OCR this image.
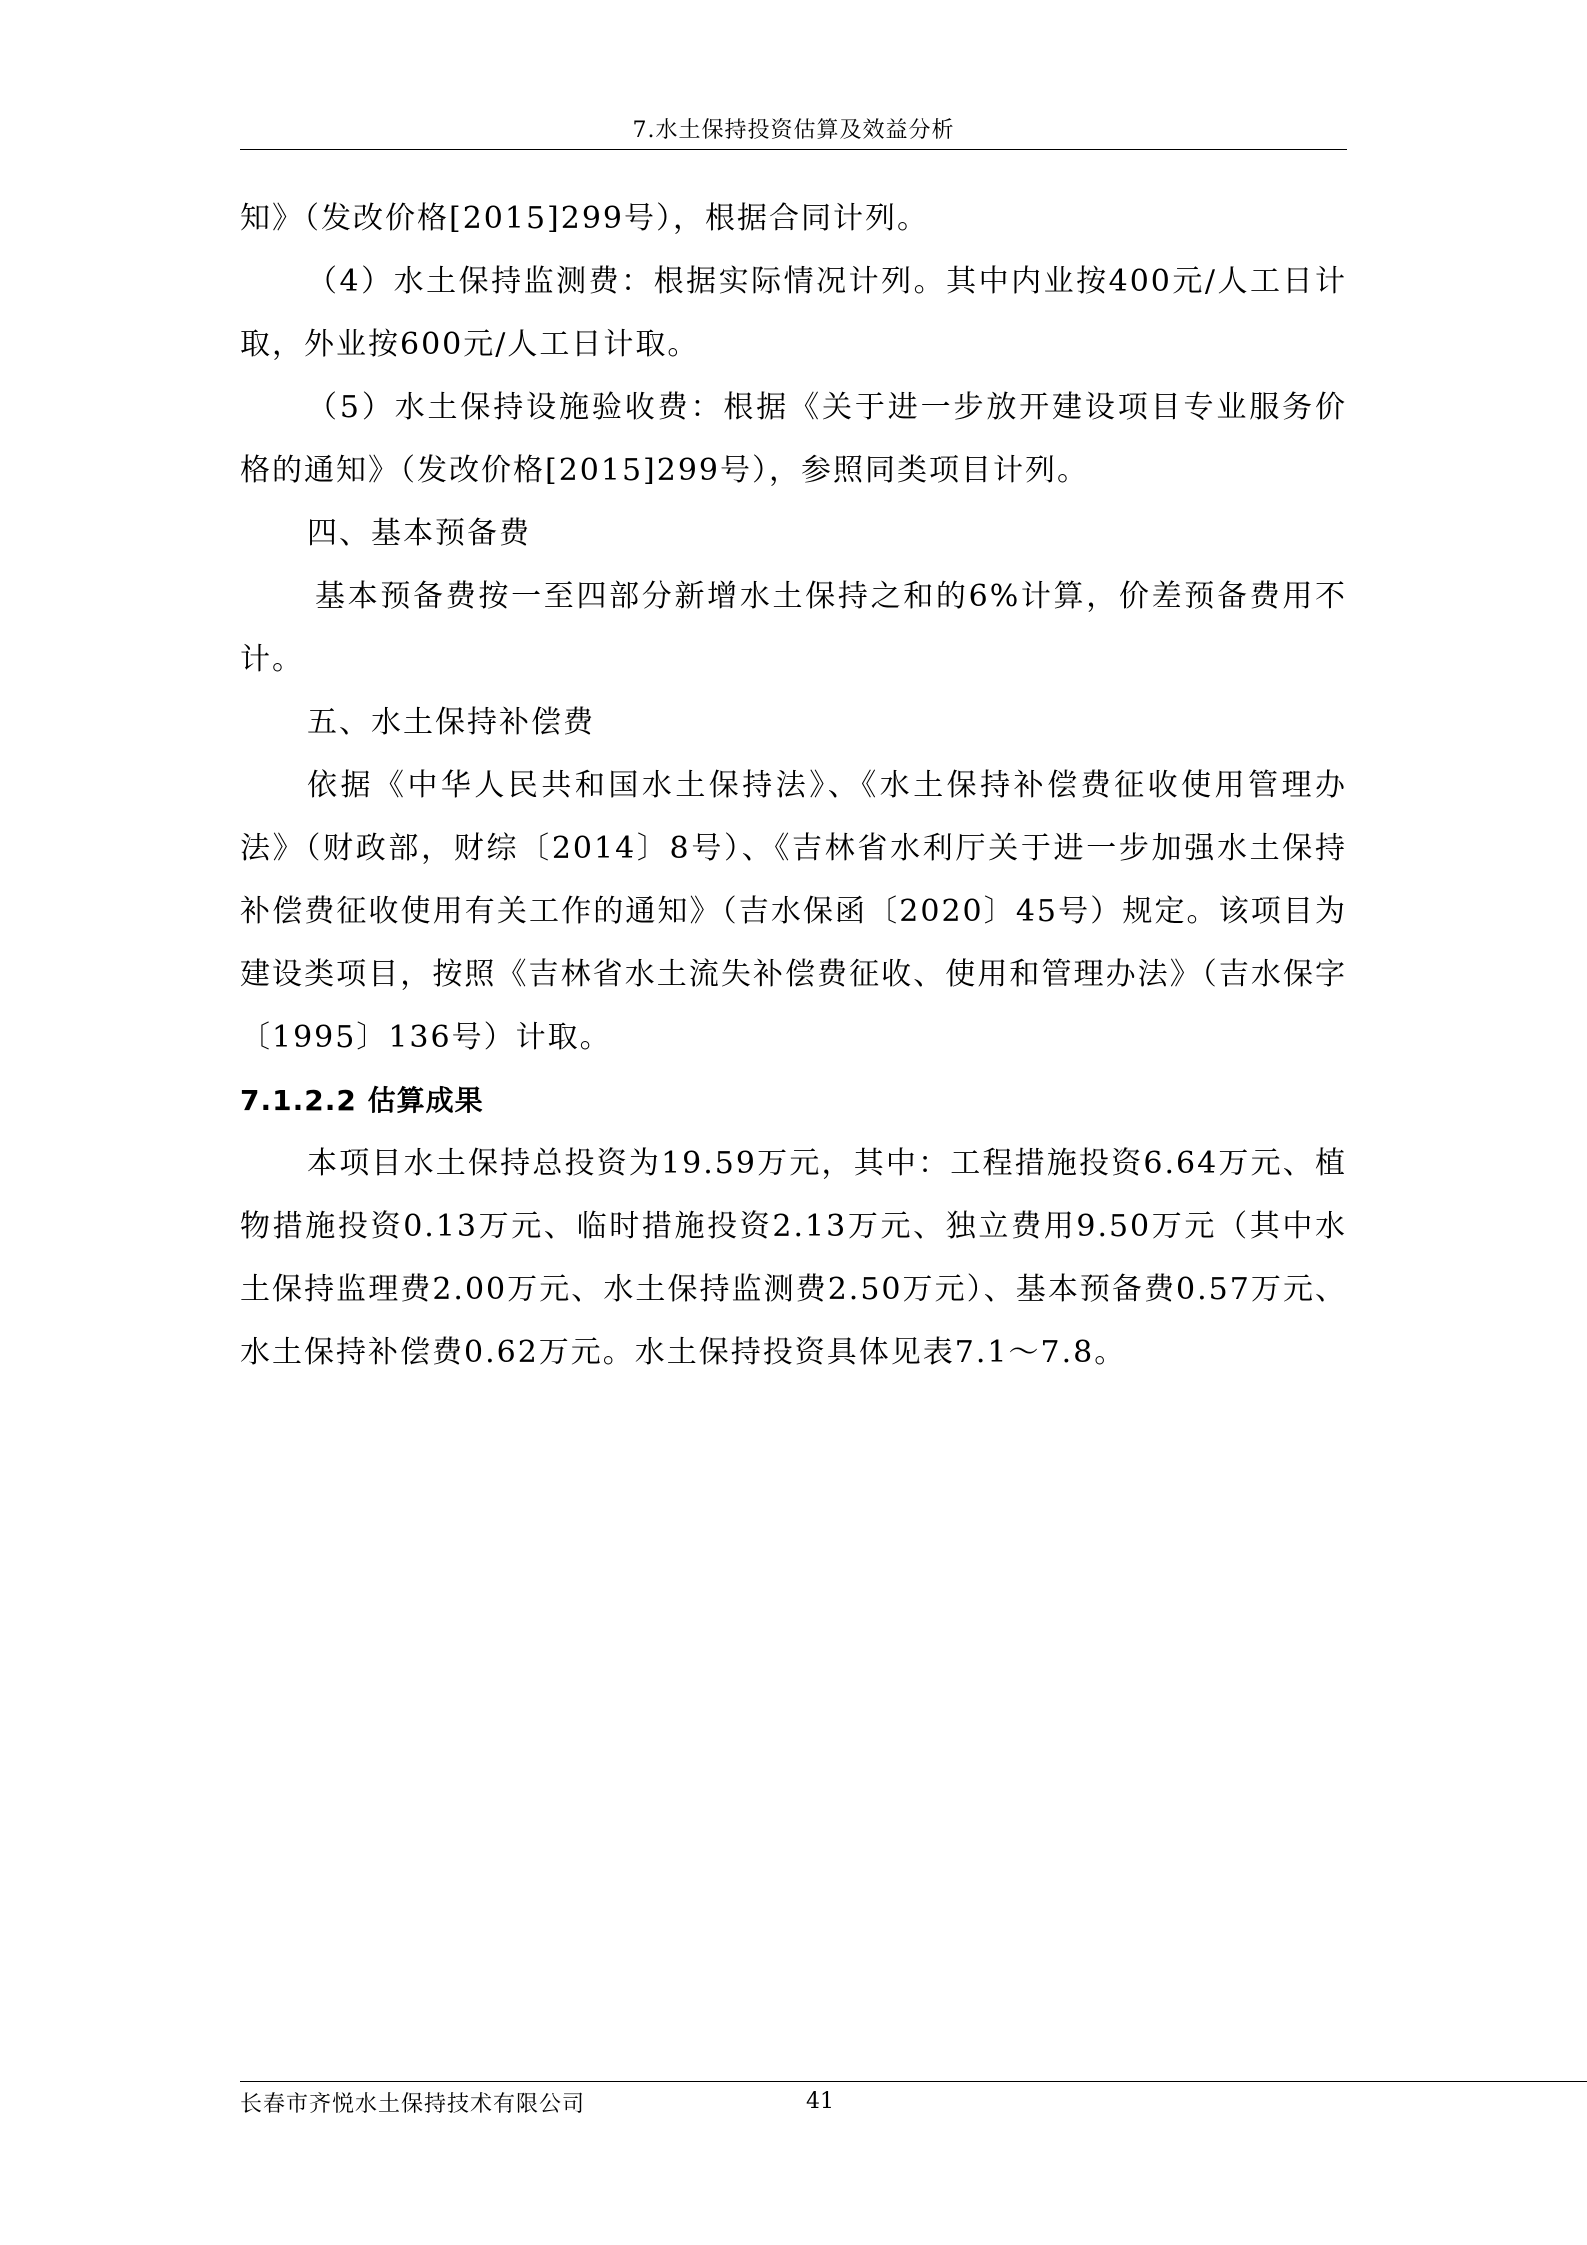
7.水土保持投资估算及效益分析

知》（发改价格[2015]299号），根据合同计列。

（4）水土保持监测费：根据实际情况计列。其中内业按400元/人工日计取，外业按600元/人工日计取。

（5）水土保持设施验收费：根据《关于进一步放开建设项目专业服务价格的通知》（发改价格[2015]299号），参照同类项目计列。

四、基本预备费

基本预备费按一至四部分新增水土保持之和的6%计算，价差预备费用不计。

五、水土保持补偿费

依据《中华人民共和国水土保持法》、《水土保持补偿费征收使用管理办法》（财政部，财综〔2014〕8号）、《吉林省水利厅关于进一步加强水土保持补偿费征收使用有关工作的通知》（吉水保函〔2020〕45号）规定。该项目为建设类项目，按照《吉林省水土流失补偿费征收、使用和管理办法》（吉水保字〔1995〕136号）计取。

7.1.2.2 估算成果

本项目水土保持总投资为19.59万元，其中：工程措施投资6.64万元、植物措施投资0.13万元、临时措施投资2.13万元、独立费用9.50万元（其中水土保持监理费2.00万元、水土保持监测费2.50万元）、基本预备费0.57万元、水土保持补偿费0.62万元。水土保持投资具体见表7.1～7.8。

长春市齐悦水土保持技术有限公司	41
